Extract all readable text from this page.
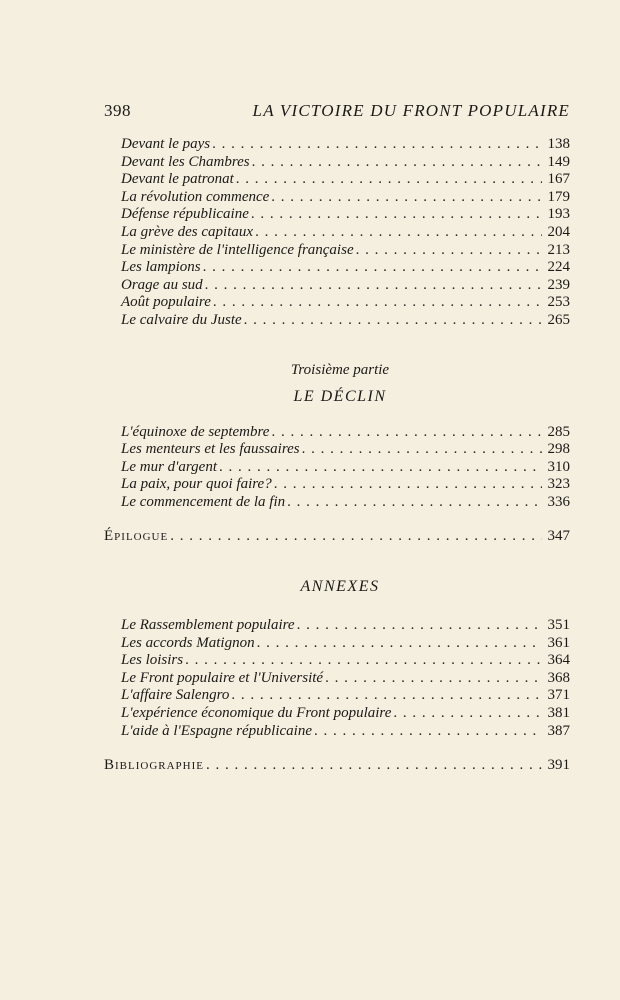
398	LA VICTOIRE DU FRONT POPULAIRE
Devant le pays . . .	138
Devant les Chambres . . .	149
Devant le patronat . . .	167
La révolution commence . . .	179
Défense républicaine . . .	193
La grève des capitaux . . .	204
Le ministère de l'intelligence française . . .	213
Les lampions . . .	224
Orage au sud . . .	239
Août populaire . . .	253
Le calvaire du Juste . . .	265
Troisième partie
LE DÉCLIN
L'équinoxe de septembre . . .	285
Les menteurs et les faussaires . . .	298
Le mur d'argent . . .	310
La paix, pour quoi faire? . . .	323
Le commencement de la fin . . .	336
Épilogue . . .	347
ANNEXES
Le Rassemblement populaire . . .	351
Les accords Matignon . . .	361
Les loisirs . . .	364
Le Front populaire et l'Université . . .	368
L'affaire Salengro . . .	371
L'expérience économique du Front populaire . . .	381
L'aide à l'Espagne républicaine . . .	387
Bibliographie . . .	391
